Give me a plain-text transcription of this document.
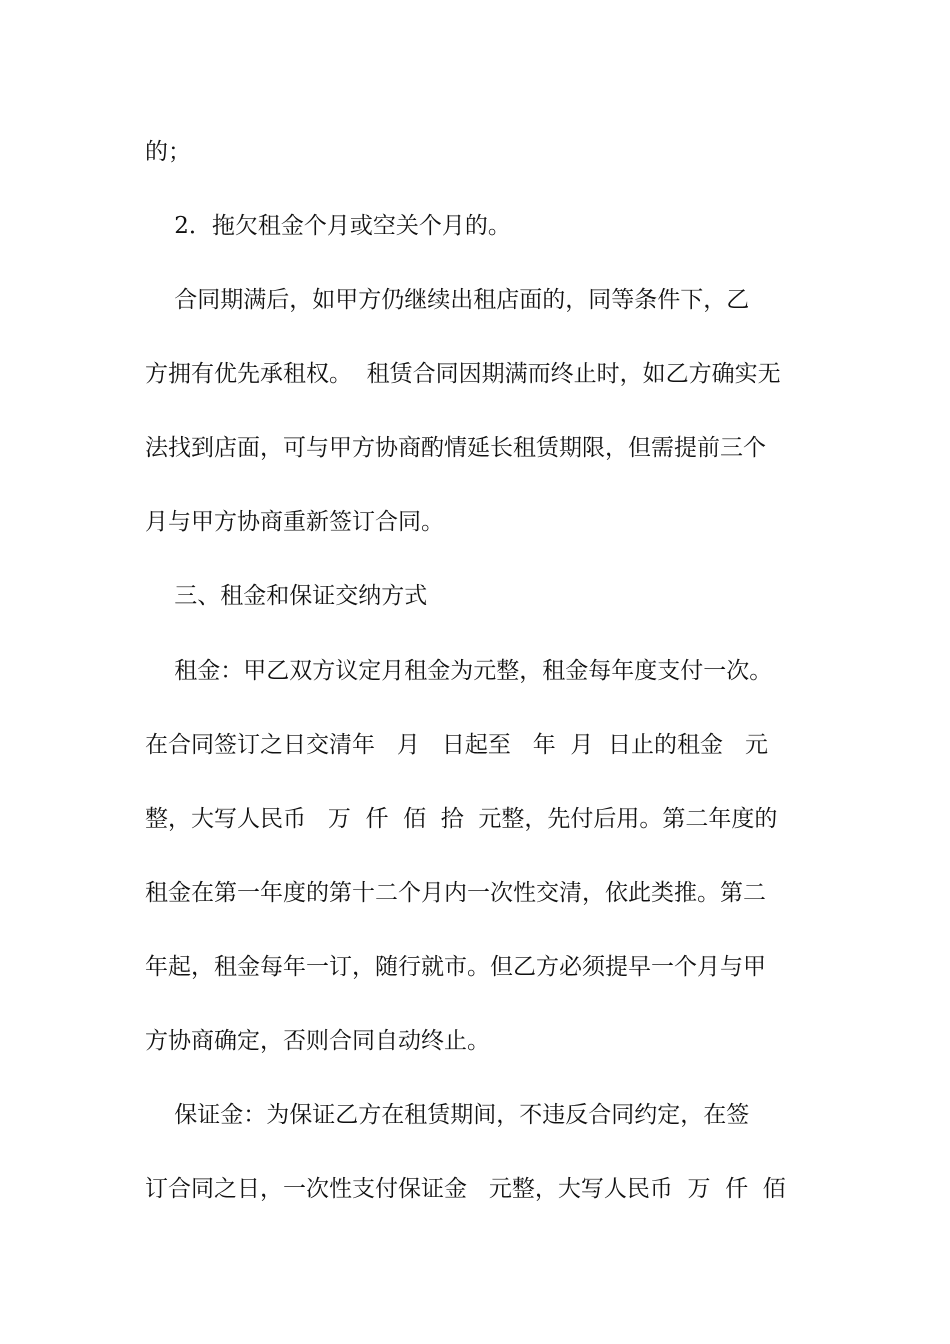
的；
2．拖欠租金个月或空关个月的。
合同期满后，如甲方仍继续出租店面的，同等条件下，乙
方拥有优先承租权。  租赁合同因期满而终止时，如乙方确实无
法找到店面，可与甲方协商酌情延长租赁期限，但需提前三个
月与甲方协商重新签订合同。
三、租金和保证交纳方式
租金：甲乙双方议定月租金为元整，租金每年度支付一次。
在合同签订之日交清年   月   日起至   年  月  日止的租金   元
整，大写人民币   万  仟  佰  拾  元整，先付后用。第二年度的
租金在第一年度的第十二个月内一次性交清，依此类推。第二
年起，租金每年一订，随行就市。但乙方必须提早一个月与甲
方协商确定，否则合同自动终止。
保证金：为保证乙方在租赁期间，不违反合同约定，在签
订合同之日，一次性支付保证金   元整，大写人民币  万  仟  佰
